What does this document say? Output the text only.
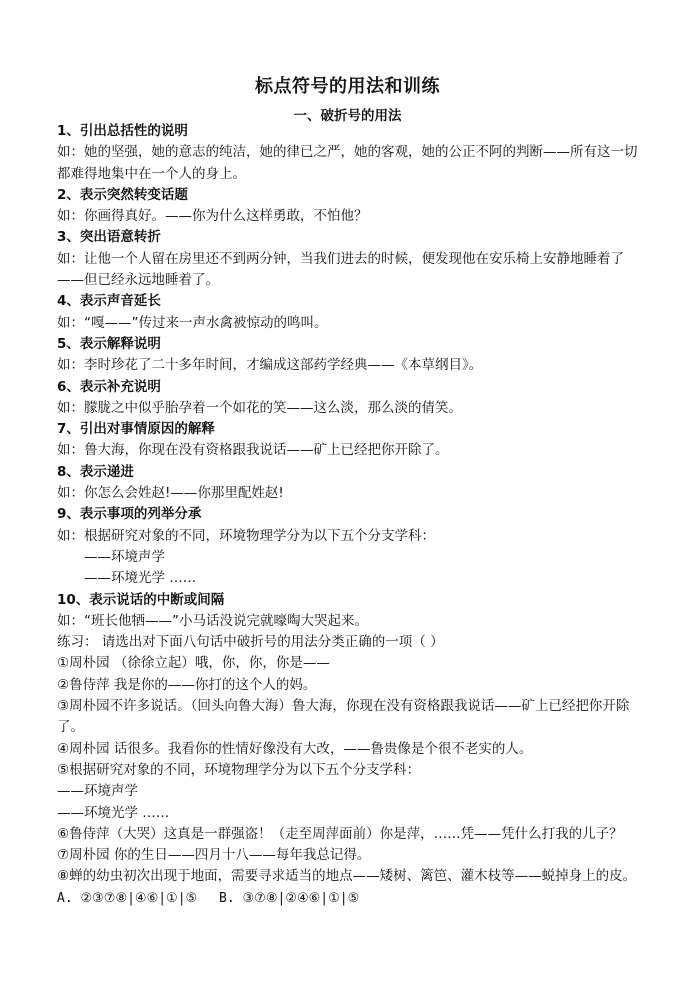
标点符号的用法和训练
一、破折号的用法
1、引出总括性的说明
如：她的坚强，她的意志的纯洁，她的律已之严，她的客观，她的公正不阿的判断——所有这一切都难得地集中在一个人的身上。
2、表示突然转变话题
如：你画得真好。——你为什么这样勇敢，不怕他？
3、突出语意转折
如：让他一个人留在房里还不到两分钟，当我们进去的时候，便发现他在安乐椅上安静地睡着了——但已经永远地睡着了。
4、表示声音延长
如：“嘎——”传过来一声水禽被惊动的鸣叫。
5、表示解释说明
如：李时珍花了二十多年时间，才编成这部药学经典——《本草纲目》。
6、表示补充说明
如：朦胧之中似乎胎孕着一个如花的笑——这么淡，那么淡的倩笑。
7、引出对事情原因的解释
如：鲁大海，你现在没有资格跟我说话——矿上已经把你开除了。
8、表示递进
如：你怎么会姓赵!——你那里配姓赵!
9、表示事项的列举分承
如：根据研究对象的不同，环境物理学分为以下五个分支学科：
——环境声学
——环境光学 ……
10、表示说话的中断或间隔
如：“班长他牺——”小马话没说完就嚎啕大哭起来。
练习： 请选出对下面八句话中破折号的用法分类正确的一项（ ）
①周朴园 （徐徐立起）哦，你，你，你是——
②鲁侍萍 我是你的——你打的这个人的妈。
③周朴园不许多说话。（回头向鲁大海）鲁大海，你现在没有资格跟我说话——矿上已经把你开除了。
④周朴园 话很多。我看你的性情好像没有大改，——鲁贵像是个很不老实的人。
⑤根据研究对象的不同，环境物理学分为以下五个分支学科：
——环境声学
——环境光学 ……
⑥鲁侍萍（大哭）这真是一群强盗！（走至周萍面前）你是萍，……凭——凭什么打我的儿子？
⑦周朴园 你的生日——四月十八——每年我总记得。
⑧蝉的幼虫初次出现于地面，需要寻求适当的地点——矮树、篱笆、灌木枝等——蜕掉身上的皮。
A. ②③⑦⑧|④⑥|①|⑤ B. ③⑦⑧|②④⑥|①|⑤
